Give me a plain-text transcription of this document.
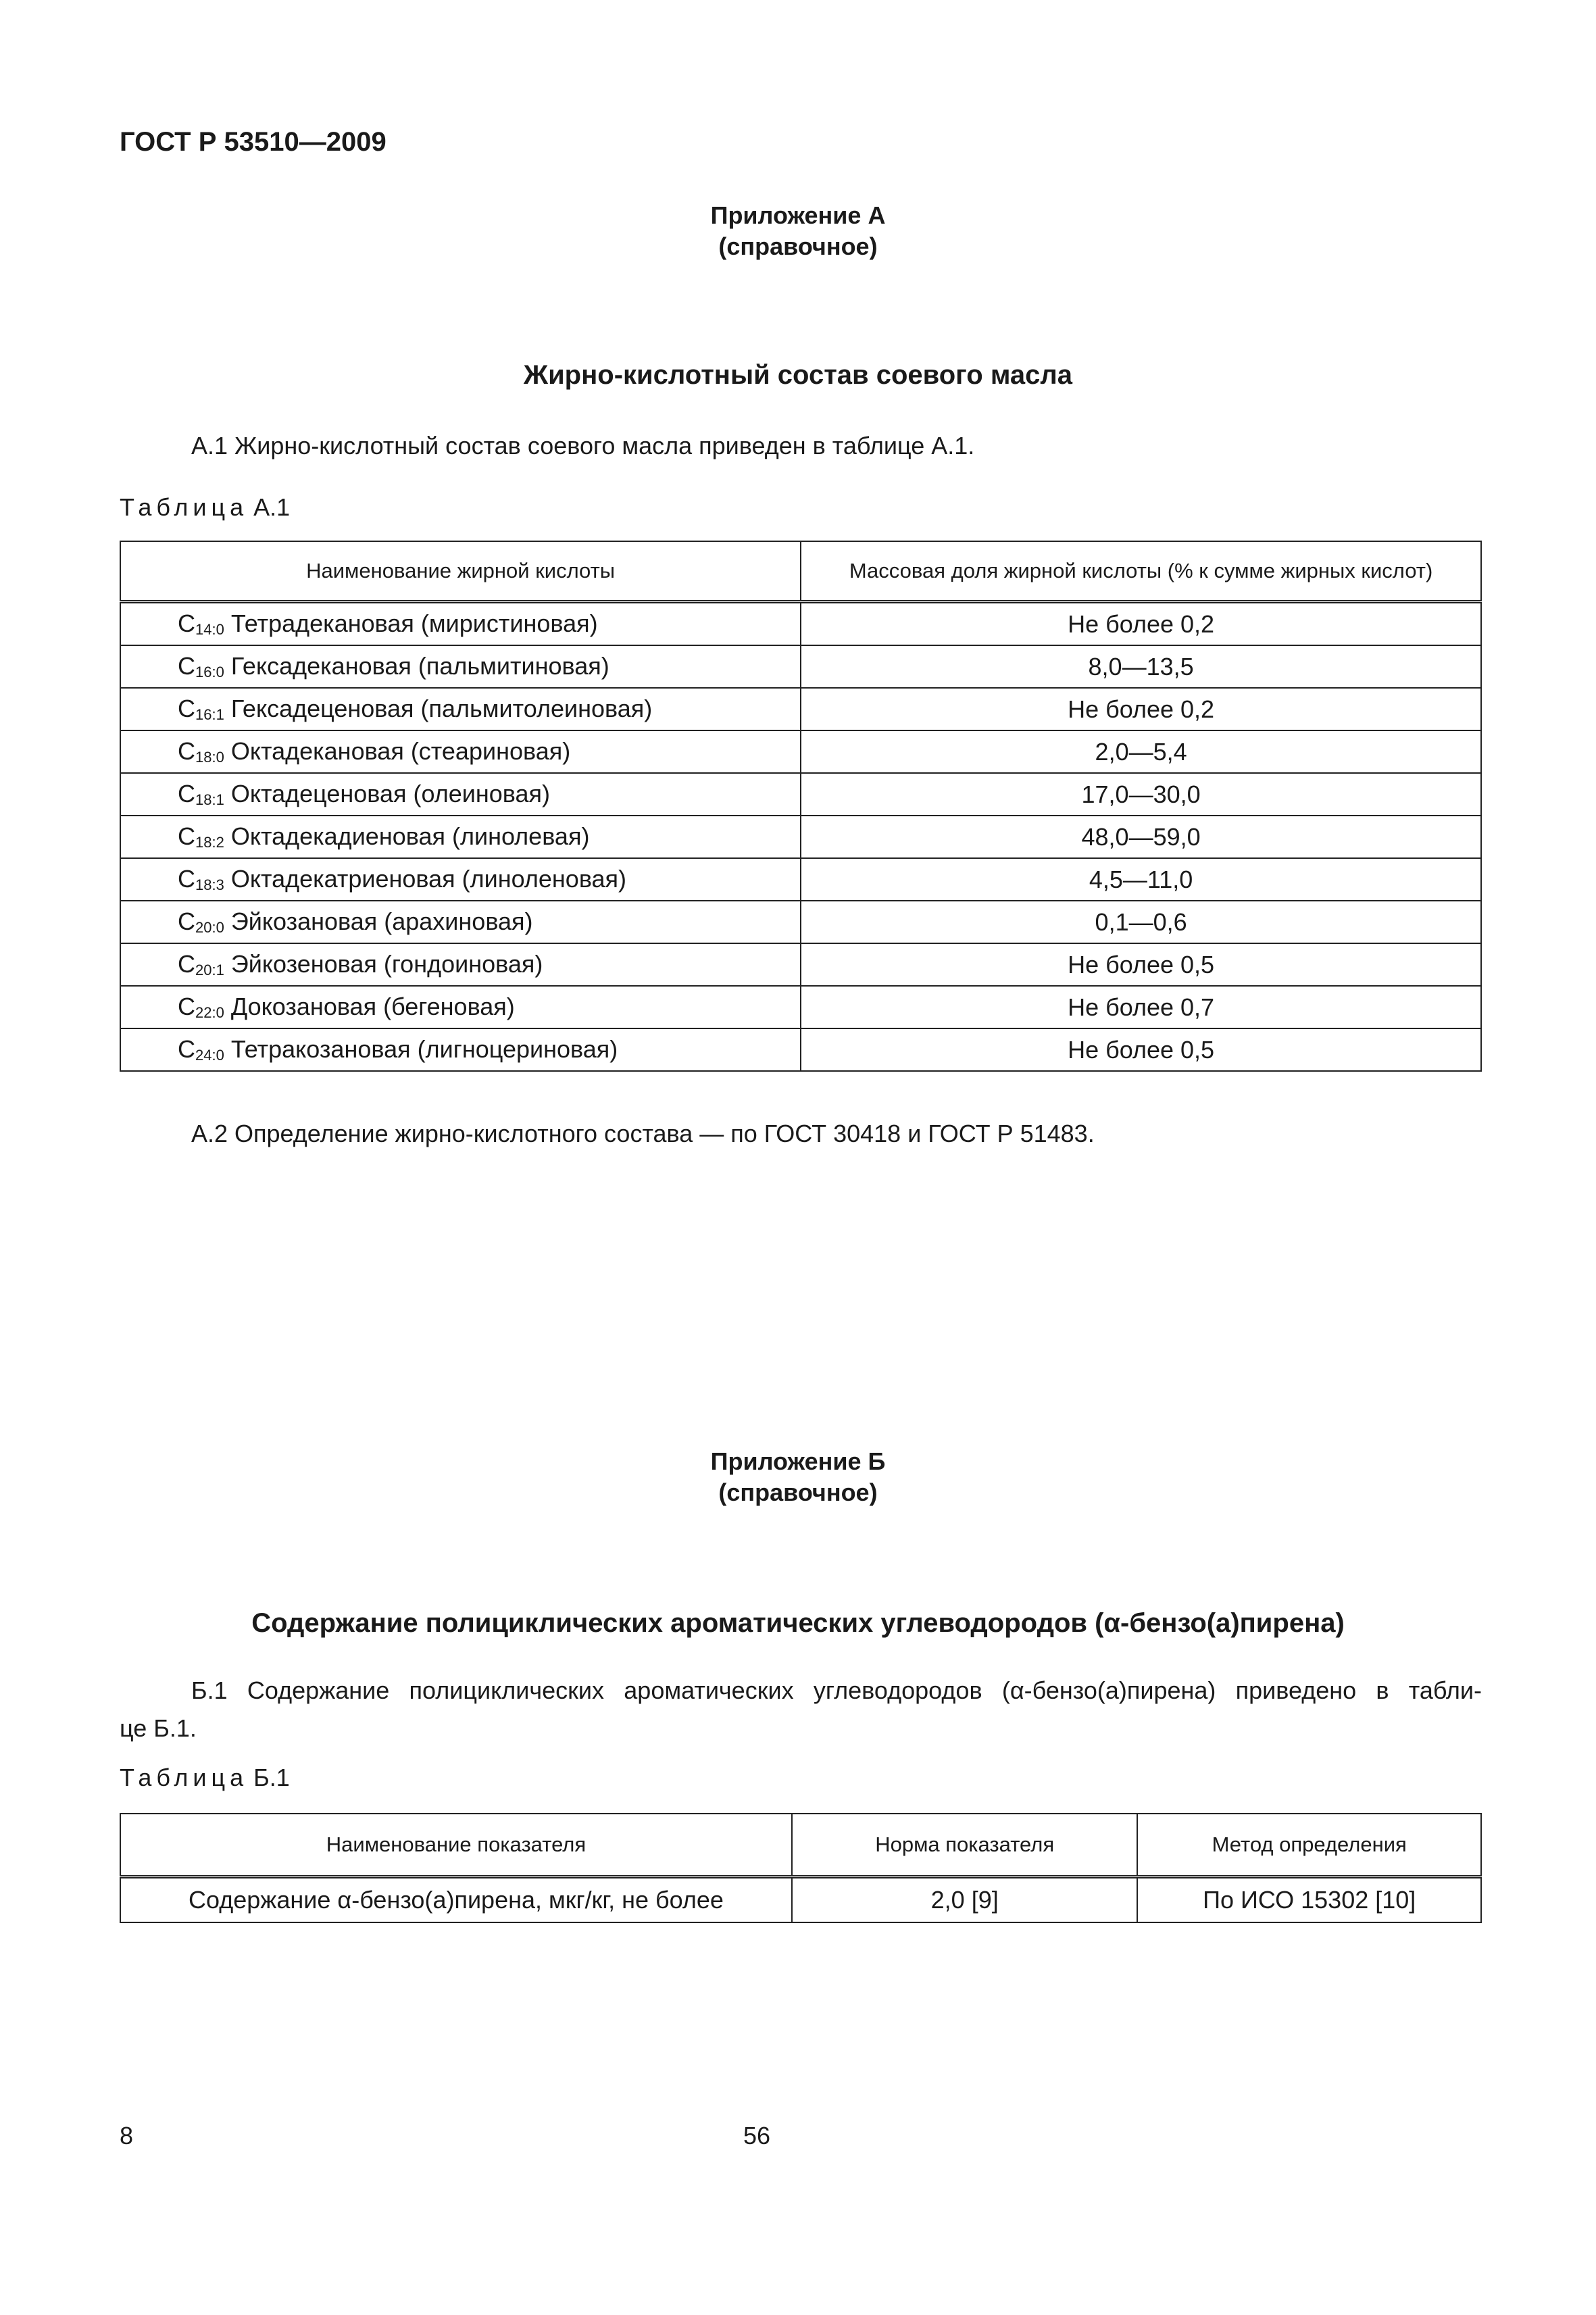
ГОСТ Р 53510—2009
Приложение А
(справочное)
Жирно-кислотный состав соевого масла
А.1 Жирно-кислотный состав соевого масла приведен в таблице А.1.
Таблица А.1
Наименование жирной кислоты	Массовая доля жирной кислоты (% к сумме жирных кислот)
$С_{14:0}$ Тетрадекановая (миристиновая)	Не более 0,2
$С_{16:0}$ Гексадекановая (пальмитиновая)	8,0—13,5
$С_{16:1}$ Гексадеценовая (пальмитолеиновая)	Не более 0,2
$С_{18:0}$ Октадекановая (стеариновая)	2,0—5,4
$С_{18:1}$ Октадеценовая (олеиновая)	17,0—30,0
$С_{18:2}$ Октадекадиеновая (линолевая)	48,0—59,0
$С_{18:3}$ Октадекатриеновая (линоленовая)	4,5—11,0
$С_{20:0}$ Эйкозановая (арахиновая)	0,1—0,6
$С_{20:1}$ Эйкозеновая (гондоиновая)	Не более 0,5
$С_{22:0}$ Докозановая (бегеновая)	Не более 0,7
$С_{24:0}$ Тетракозановая (лигноцериновая)	Не более 0,5
А.2 Определение жирно-кислотного состава — по ГОСТ 30418 и ГОСТ Р 51483.
Приложение Б
(справочное)
Содержание полициклических ароматических углеводородов (α-бензо(а)пирена)
Б.1 Содержание полициклических ароматических углеводородов (α-бензо(а)пирена) приведено в табли-
це Б.1.
Таблица Б.1
Наименование показателя	Норма показателя	Метод определения
Содержание α-бензо(а)пирена, мкг/кг, не более	2,0 [9]	По ИСО 15302 [10]
8	56
